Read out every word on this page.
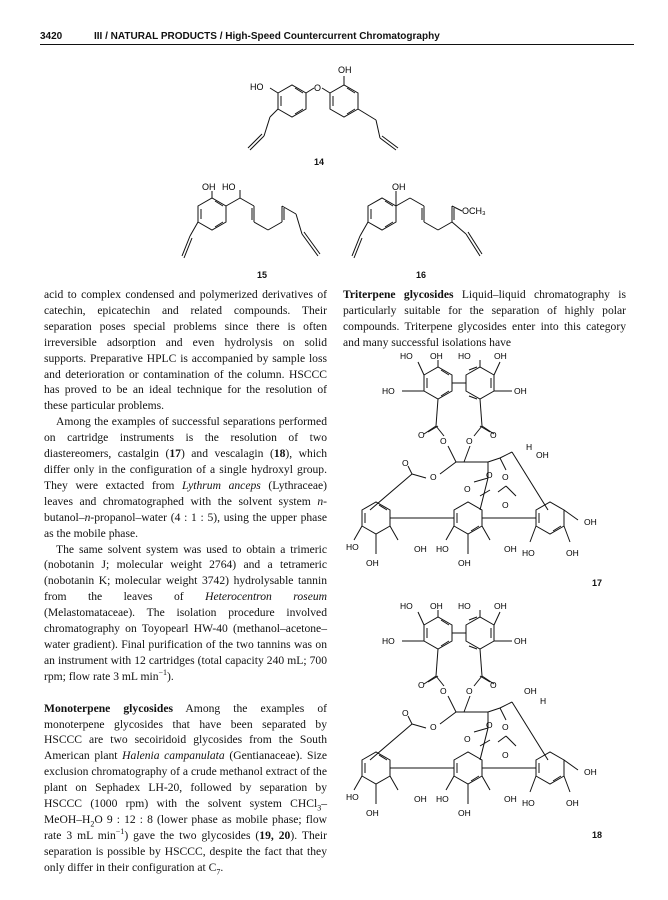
3420	III / NATURAL PRODUCTS / High-Speed Countercurrent Chromatography
OH
HO	O
14
OH HO
15
OH
OCH₃
16

acid to complex condensed and polymerized derivatives of catechin, epicatechin and related compounds. Their separation poses special problems since there is often irreversible adsorption and even hydrolysis on solid supports. Preparative HPLC is accompanied by sample loss and deterioration or contamination of the column. HSCCC has proved to be an ideal technique for the resolution of these particular problems.

Among the examples of successful separations performed on cartridge instruments is the resolution of two diastereomers, castalgin (17) and vescalagin (18), which differ only in the configuration of a single hydroxyl group. They were extacted from Lythrum anceps (Lythraceae) leaves and chromatographed with the solvent system n-butanol–n-propanol–water (4 : 1 : 5), using the upper phase as the mobile phase.

The same solvent system was used to obtain a trimeric (nobotanin J; molecular weight 2764) and a tetrameric (nobotanin K; molecular weight 3742) hydrolysable tannin from the leaves of Heterocentron roseum (Melastomataceae). The isolation procedure involved chromatography on Toyopearl HW-40 (methanol–acetone–water gradient). Final purification of the two tannins was on an instrument with 12 cartridges (total capacity 240 mL; 700 rpm; flow rate 3 mL $\min^{-1}$).

Monoterpene glycosides Among the examples of monoterpene glycosides that have been separated by HSCCC are two secoiridoid glycosides from the South American plant Halenia campanulata (Gentianaceae). Size exclusion chromatography of a crude methanol extract of the plant on Sephadex LH-20, followed by separation by HSCCC (1000 rpm) with the solvent system $CHCl_3-MeOH-H_2O$ 9 : 12 : 8 (lower phase as mobile phase; flow rate 3 mL $\min^{-1}$) gave the two glycosides (19, 20). Their separation is possible by HSCCC, despite the fact that they only differ in their configuration at $C_7$.

Triterpene glycosides Liquid–liquid chromatography is particularly suitable for the separation of highly polar compounds. Triterpene glycosides enter into this category and many successful isolations have

HO OH HO	OH
HO	OH
O
O O
O
H
OH
O
O	O O
O
O
OH
HO	OH HO	OH HO	OH
OH	OH
17
HO OH HO	OH
HO	OH
O
O O
O
OH
H
O
O	O O
O
O
OH
HO	OH HO	OH HO	OH
OH	OH
18
